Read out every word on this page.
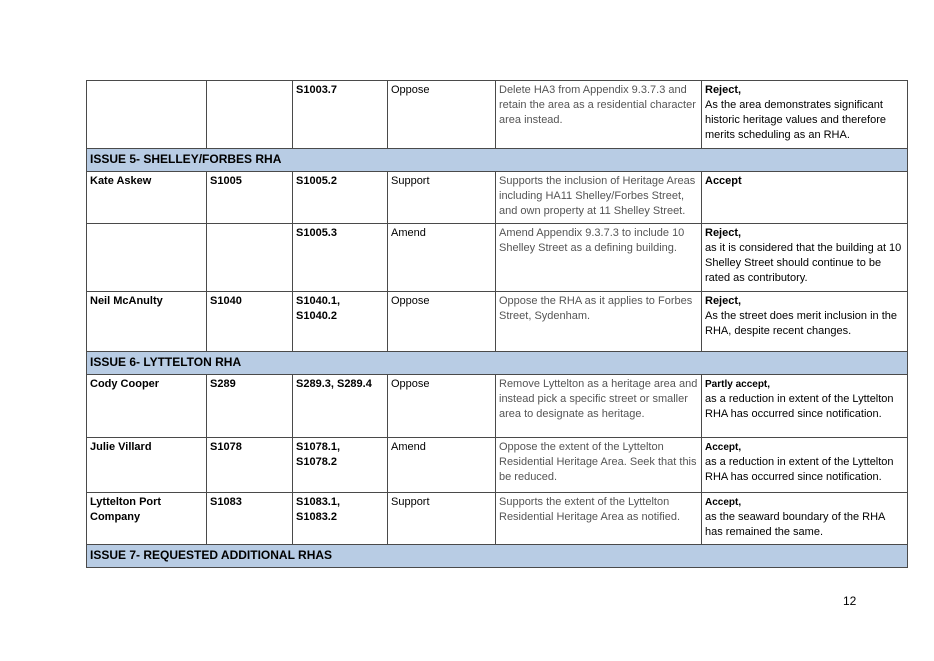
		S1003.7	Oppose	Delete HA3 from Appendix 9.3.7.3 and retain the area as a residential character area instead.	Reject,
As the area demonstrates significant historic heritage values and therefore merits scheduling as an RHA.
ISSUE 5- SHELLEY/FORBES RHA					
Kate Askew	S1005	S1005.2	Support	Supports the inclusion of Heritage Areas including HA11 Shelley/Forbes Street, and own property at 11 Shelley Street.	Accept

		S1005.3	Amend	Amend Appendix 9.3.7.3 to include 10 Shelley Street as a defining building.	Reject,
as it is considered that the building at 10 Shelley Street should continue to be rated as contributory.
Neil McAnulty	S1040	S1040.1, S1040.2	Oppose	Oppose the RHA as it applies to Forbes Street, Sydenham.	Reject,
As the street does merit inclusion in the RHA, despite recent changes.
ISSUE 6- LYTTELTON RHA					
Cody Cooper	S289	S289.3, S289.4	Oppose	Remove Lyttelton as a heritage area and instead pick a specific street or smaller area to designate as heritage.	Partly accept,
as a reduction in extent of the Lyttelton RHA has occurred since notification.
Julie Villard	S1078	S1078.1, S1078.2	Amend	Oppose the extent of the Lyttelton Residential Heritage Area. Seek that this be reduced.	Accept,
as a reduction in extent of the Lyttelton RHA has occurred since notification.
Lyttelton Port Company	S1083	S1083.1, S1083.2	Support	Supports the extent of the Lyttelton Residential Heritage Area as notified.	Accept,
as the seaward boundary of the RHA has remained the same.
ISSUE 7- REQUESTED ADDITIONAL RHAS					
12
